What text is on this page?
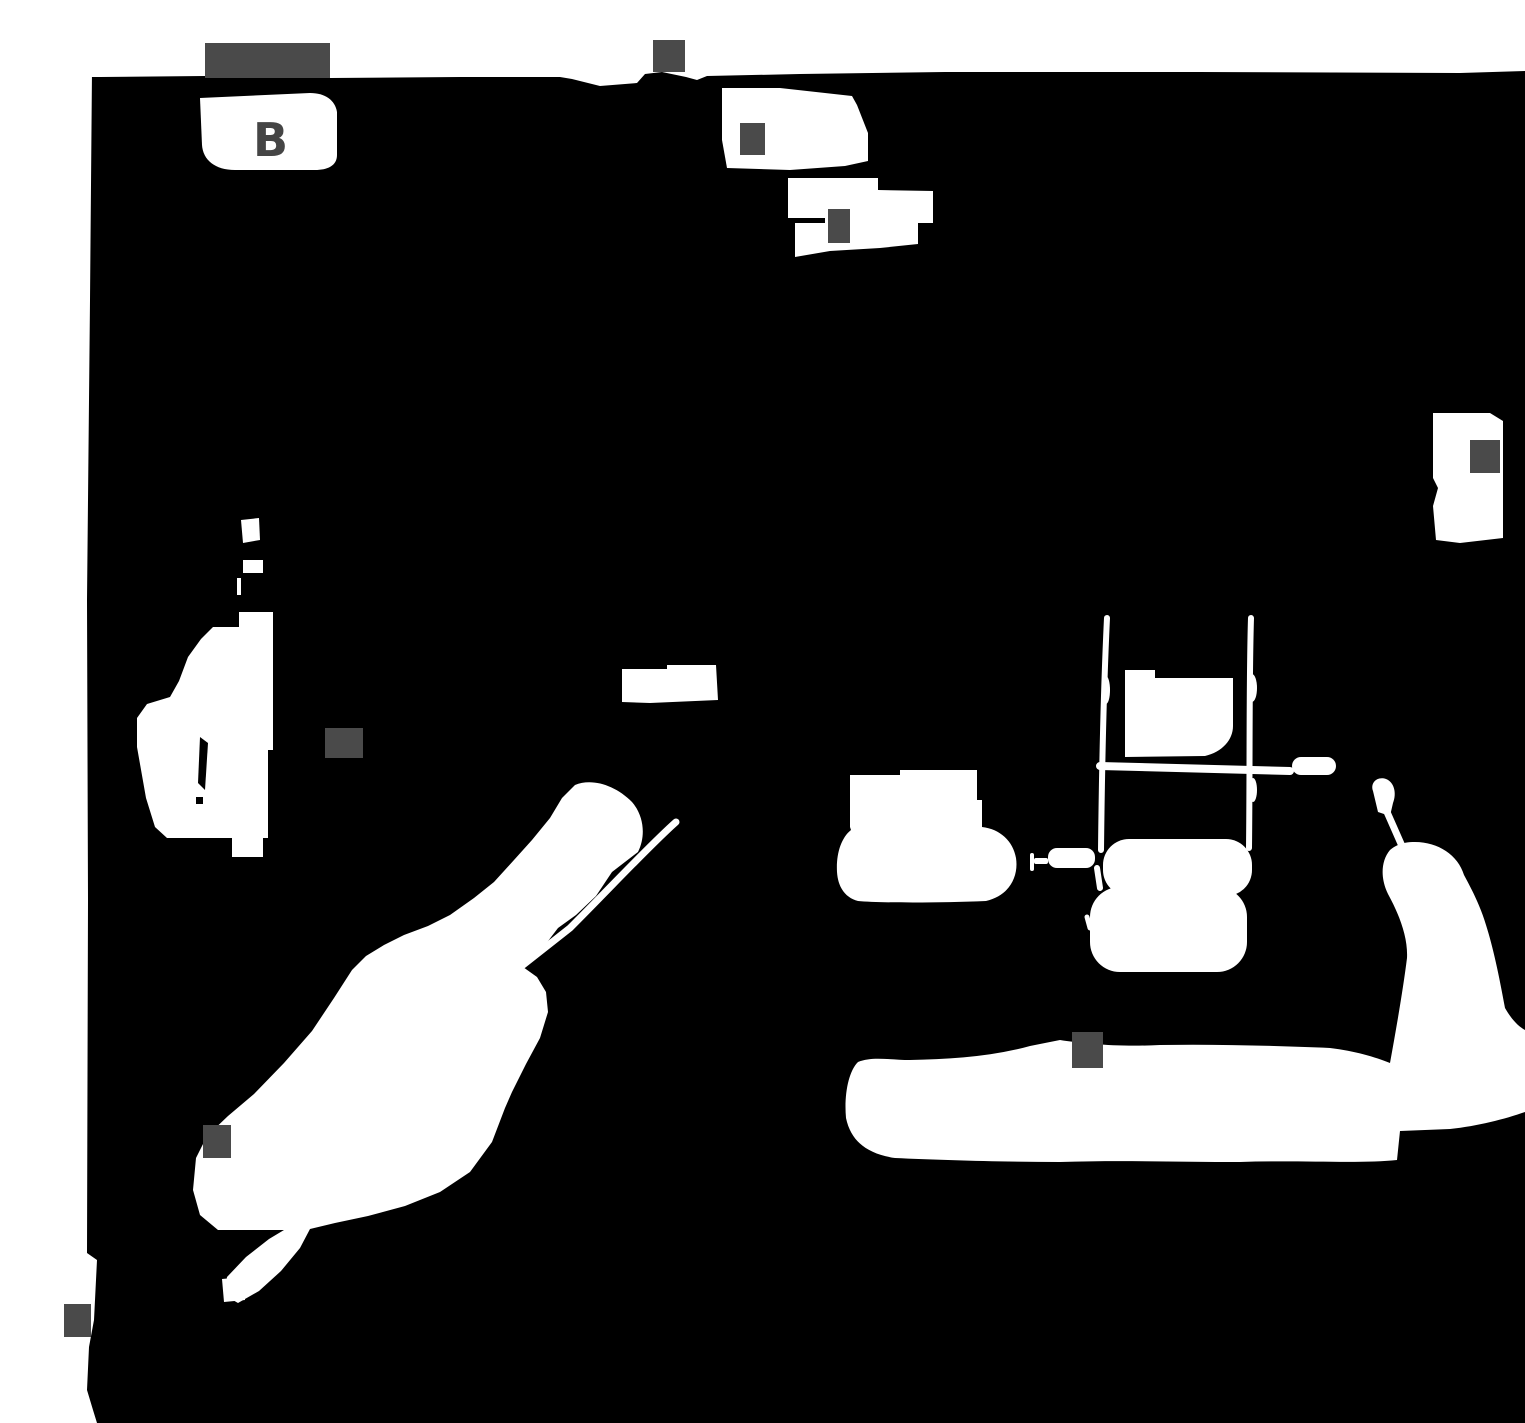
B
